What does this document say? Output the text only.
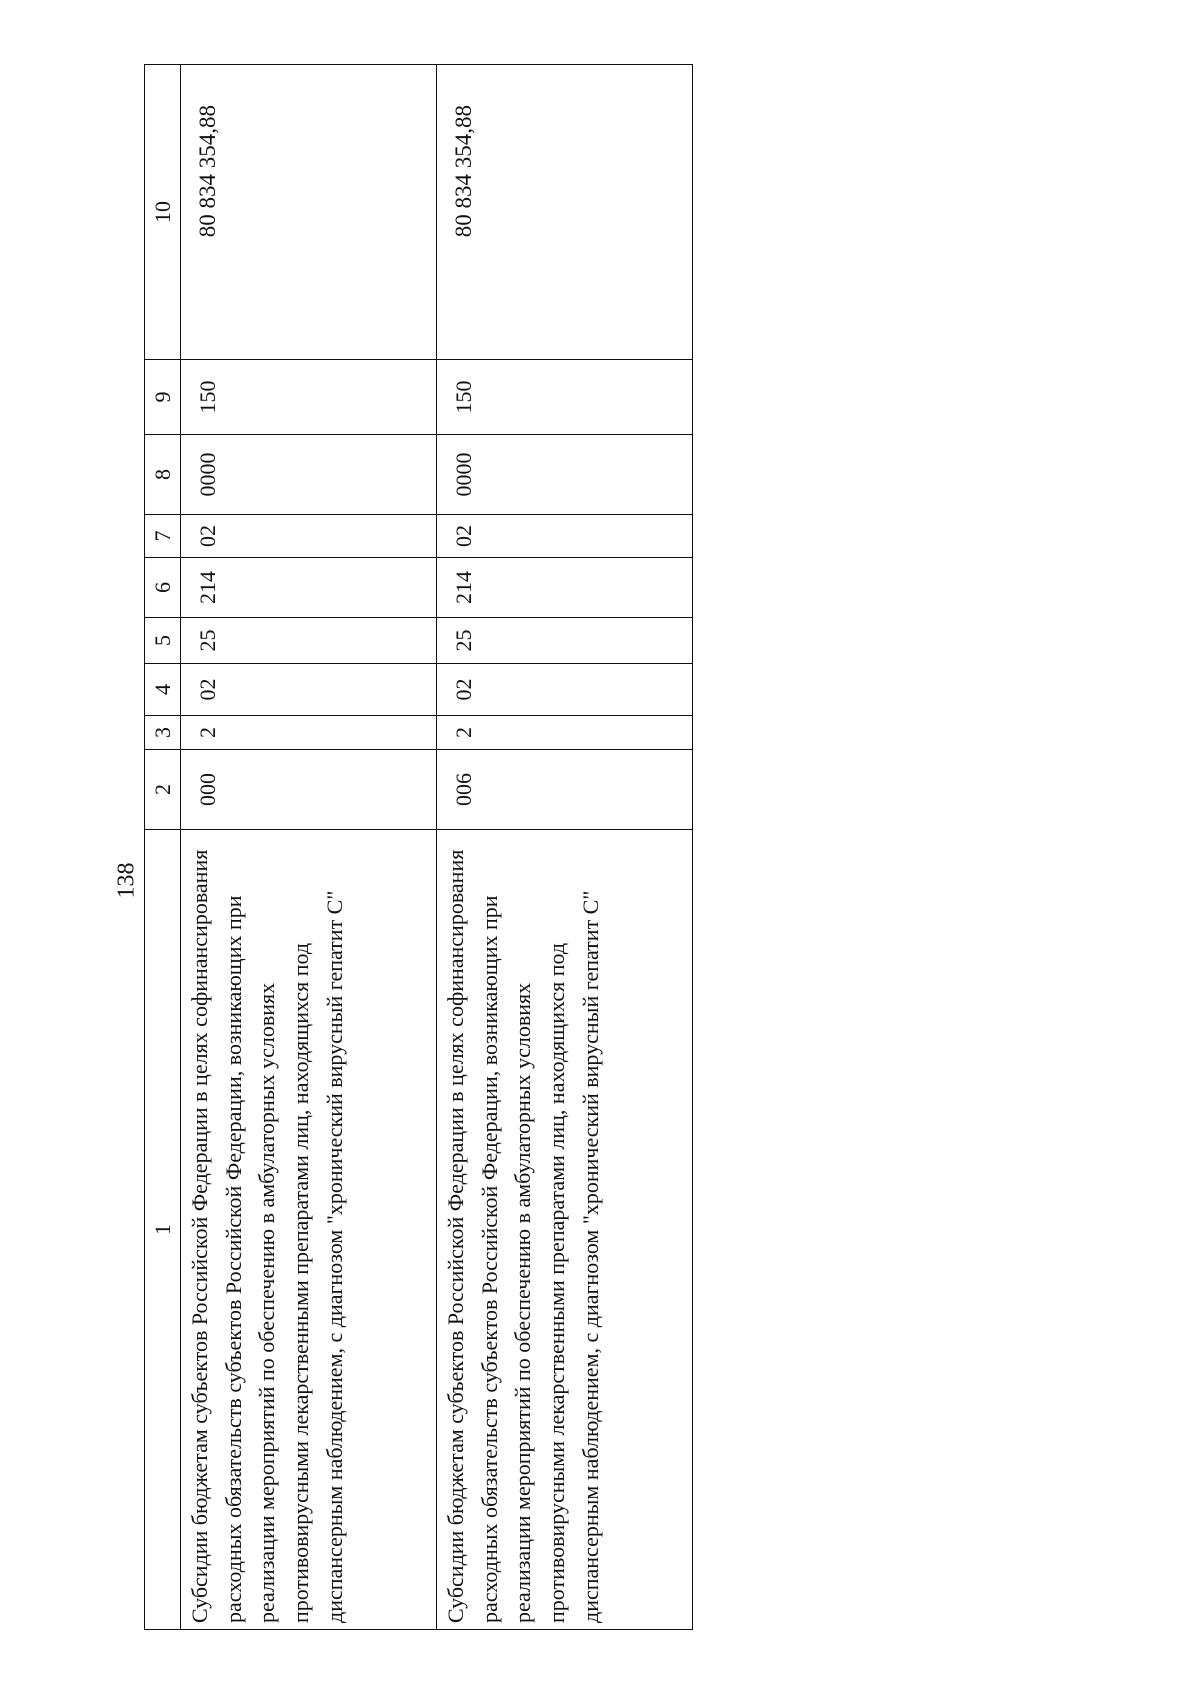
138
1	2	3	4	5	6	7	8	9	10
Субсидии бюджетам субъектов Российской Федерации в целях софинансирования расходных обязательств субъектов Российской Федерации, возникающих при реализации мероприятий по обеспечению в амбулаторных условиях противовирусными лекарственными препаратами лиц, находящихся под диспансерным наблюдением, с диагнозом "хронический вирусный гепатит С"	000	2	02	25	214	02	0000	150	80 834 354,88
Субсидии бюджетам субъектов Российской Федерации в целях софинансирования расходных обязательств субъектов Российской Федерации, возникающих при реализации мероприятий по обеспечению в амбулаторных условиях противовирусными лекарственными препаратами лиц, находящихся под диспансерным наблюдением, с диагнозом "хронический вирусный гепатит С"	006	2	02	25	214	02	0000	150	80 834 354,88
